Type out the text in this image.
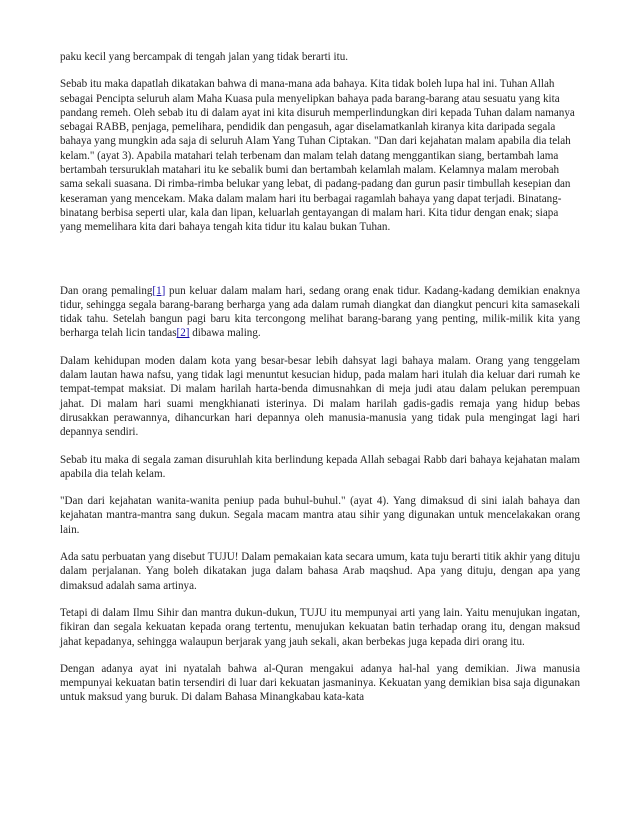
paku kecil yang bercampak di tengah jalan yang tidak berarti itu.

Sebab itu maka dapatlah dikatakan bahwa di mana-mana ada bahaya. Kita tidak boleh lupa hal ini. Tuhan Allah sebagai Pencipta seluruh alam Maha Kuasa pula menyelipkan bahaya pada barang-barang atau sesuatu yang kita pandang remeh. Oleh sebab itu di dalam ayat ini kita disuruh memperlindungkan diri kepada Tuhan dalam namanya sebagai RABB, penjaga, pemelihara, pendidik dan pengasuh, agar diselamatkanlah kiranya kita daripada segala bahaya yang mungkin ada saja di seluruh Alam Yang Tuhan Ciptakan. "Dan dari kejahatan malam apabila dia telah kelam." (ayat 3). Apabila matahari telah terbenam dan malam telah datang menggantikan siang, bertambah lama bertambah tersuruklah matahari itu ke sebalik bumi dan bertambah kelamlah malam. Kelamnya malam merobah sama sekali suasana. Di rimba-rimba belukar yang lebat, di padang-padang dan gurun pasir timbullah kesepian dan keseraman yang mencekam. Maka dalam malam hari itu berbagai ragamlah bahaya yang dapat terjadi. Binatang-binatang berbisa seperti ular, kala dan lipan, keluarlah gentayangan di malam hari. Kita tidur dengan enak; siapa yang memelihara kita dari bahaya tengah kita tidur itu kalau bukan Tuhan.

Dan orang pemaling[1] pun keluar dalam malam hari, sedang orang enak tidur. Kadang-kadang demikian enaknya tidur, sehingga segala barang-barang berharga yang ada dalam rumah diangkat dan diangkut pencuri kita samasekali tidak tahu. Setelah bangun pagi baru kita tercongong melihat barang-barang yang penting, milik-milik kita yang berharga telah licin tandas[2] dibawa maling.

Dalam kehidupan moden dalam kota yang besar-besar lebih dahsyat lagi bahaya malam. Orang yang tenggelam dalam lautan hawa nafsu, yang tidak lagi menuntut kesucian hidup, pada malam hari itulah dia keluar dari rumah ke tempat-tempat maksiat. Di malam harilah harta-benda dimusnahkan di meja judi atau dalam pelukan perempuan jahat. Di malam hari suami mengkhianati isterinya. Di malam harilah gadis-gadis remaja yang hidup bebas dirusakkan perawannya, dihancurkan hari depannya oleh manusia-manusia yang tidak pula mengingat lagi hari depannya sendiri.

Sebab itu maka di segala zaman disuruhlah kita berlindung kepada Allah sebagai Rabb dari bahaya kejahatan malam apabila dia telah kelam.

"Dan dari kejahatan wanita-wanita peniup pada buhul-buhul." (ayat 4). Yang dimaksud di sini ialah bahaya dan kejahatan mantra-mantra sang dukun. Segala macam mantra atau sihir yang digunakan untuk mencelakakan orang lain.

Ada satu perbuatan yang disebut TUJU! Dalam pemakaian kata secara umum, kata tuju berarti titik akhir yang dituju dalam perjalanan. Yang boleh dikatakan juga dalam bahasa Arab maqshud. Apa yang dituju, dengan apa yang dimaksud adalah sama artinya.

Tetapi di dalam Ilmu Sihir dan mantra dukun-dukun, TUJU itu mempunyai arti yang lain. Yaitu menujukan ingatan, fikiran dan segala kekuatan kepada orang tertentu, menujukan kekuatan batin terhadap orang itu, dengan maksud jahat kepadanya, sehingga walaupun berjarak yang jauh sekali, akan berbekas juga kepada diri orang itu.

Dengan adanya ayat ini nyatalah bahwa al-Quran mengakui adanya hal-hal yang demikian. Jiwa manusia mempunyai kekuatan batin tersendiri di luar dari kekuatan jasmaninya. Kekuatan yang demikian bisa saja digunakan untuk maksud yang buruk. Di dalam Bahasa Minangkabau kata-kata
